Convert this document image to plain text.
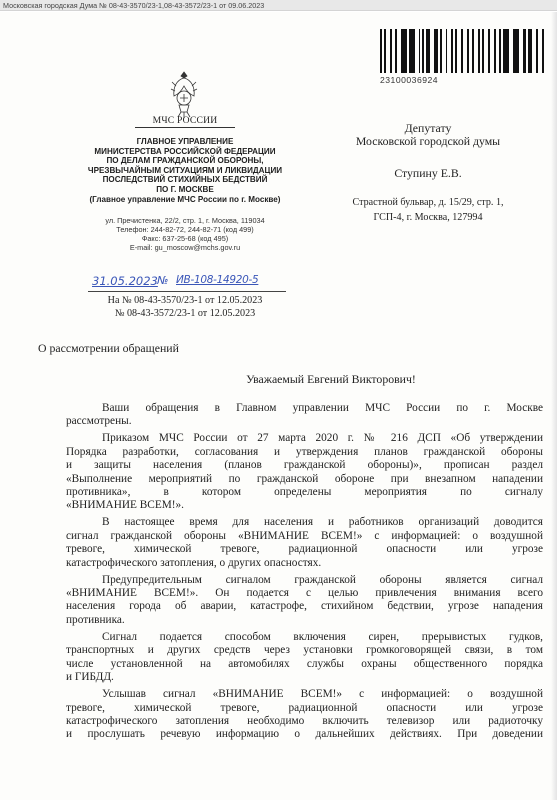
Московская городская Дума № 08-43-3570/23-1,08-43-3572/23-1 от 09.06.2023
МЧС РОССИИ
ГЛАВНОЕ УПРАВЛЕНИЕ
МИНИСТЕРСТВА РОССИЙСКОЙ ФЕДЕРАЦИИ
ПО ДЕЛАМ ГРАЖДАНСКОЙ ОБОРОНЫ,
ЧРЕЗВЫЧАЙНЫМ СИТУАЦИЯМ И ЛИКВИДАЦИИ
ПОСЛЕДСТВИЙ СТИХИЙНЫХ БЕДСТВИЙ
ПО Г. МОСКВЕ
(Главное управление МЧС России по г. Москве)
ул. Пречистенка, 22/2, стр. 1, г. Москва, 119034
Телефон: 244-82-72, 244-82-71 (код 499)
Факс: 637-25-68 (код 495)
E-mail: gu_moscow@mchs.gov.ru
31.05.2023 № ИВ-108-14920-5
На № 08-43-3570/23-1 от 12.05.2023
№ 08-43-3572/23-1 от 12.05.2023
23100036924
Депутату
Московской городской думы
Ступину Е.В.
Страстной бульвар, д. 15/29, стр. 1,
ГСП-4, г. Москва, 127994
О рассмотрении обращений
Уважаемый Евгений Викторович!

Ваши обращения в Главном управлении МЧС России по г. Москве
рассмотрены.

Приказом МЧС России от 27 марта 2020 г. № 216 ДСП «Об утверждении
Порядка разработки, согласования и утверждения планов гражданской обороны
и защиты населения (планов гражданской обороны)», прописан раздел
«Выполнение мероприятий по гражданской обороне при внезапном нападении
противника», в котором определены мероприятия по сигналу
«ВНИМАНИЕ ВСЕМ!».

В настоящее время для населения и работников организаций доводится
сигнал гражданской обороны «ВНИМАНИЕ ВСЕМ!» с информацией: о воздушной
тревоге, химической тревоге, радиационной опасности или угрозе
катастрофического затопления, о других опасностях.

Предупредительным сигналом гражданской обороны является сигнал
«ВНИМАНИЕ ВСЕМ!». Он подается с целью привлечения внимания всего
населения города об аварии, катастрофе, стихийном бедствии, угрозе нападения
противника.

Сигнал подается способом включения сирен, прерывистых гудков,
транспортных и других средств через установки громкоговорящей связи, в том
числе установленной на автомобилях службы охраны общественного порядка
и ГИБДД.

Услышав сигнал «ВНИМАНИЕ ВСЕМ!» с информацией: о воздушной
тревоге, химической тревоге, радиационной опасности или угрозе
катастрофического затопления необходимо включить телевизор или радиоточку
и прослушать речевую информацию о дальнейших действиях. При доведении
